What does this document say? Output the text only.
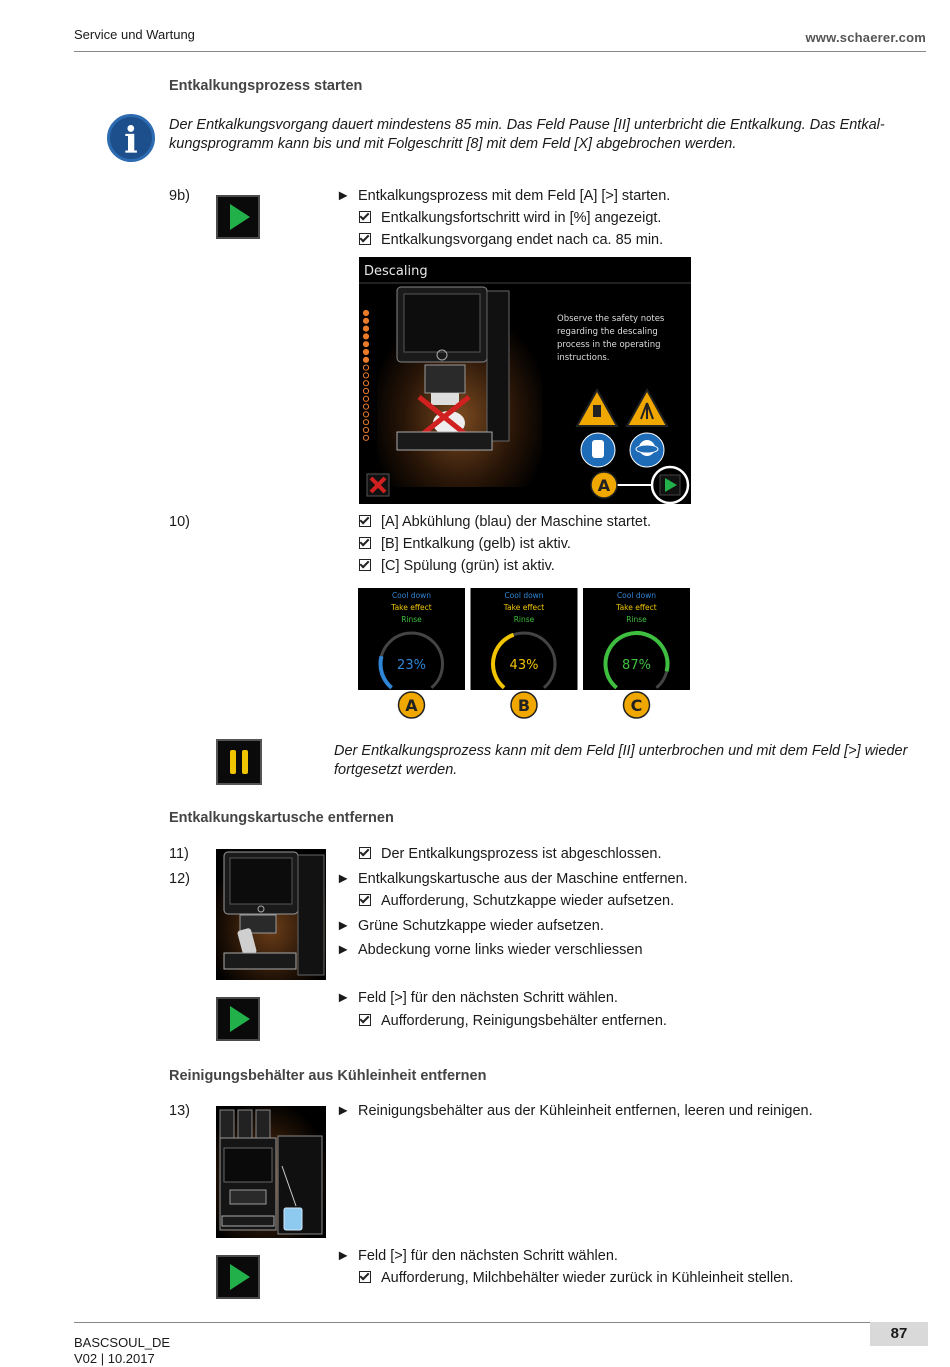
Service und Wartung	www.schaerer.com
Entkalkungsprozess starten
i	Der Entkalkungsvorgang dauert mindestens 85 min. Das Feld Pause [II] unterbricht die Entkalkung. Das Entkal-
kungsprogramm kann bis und mit Folgeschritt [8] mit dem Feld [X] abgebrochen werden.
9b)	► Entkalkungsprozess mit dem Feld [A] [>] starten.
Entkalkungsfortschritt wird in [%] angezeigt.
Entkalkungsvorgang endet nach ca. 85 min.
Descaling
Observe the safety notes
regarding the descaling
process in the operating
instructions.
A
10)	[A] Abkühlung (blau) der Maschine startet.
[B] Entkalkung (gelb) ist aktiv.
[C] Spülung (grün) ist aktiv.
Cool down
Take effect
Rinse
23%
A
Cool down
Take effect
Rinse
43%
B
Cool down
Take effect
Rinse
87%
C
Der Entkalkungsprozess kann mit dem Feld [II] unterbrochen und mit dem Feld [>] wieder
fortgesetzt werden.
Entkalkungskartusche entfernen
11)
12)
Der Entkalkungsprozess ist abgeschlossen.
► Entkalkungskartusche aus der Maschine entfernen.
Aufforderung, Schutzkappe wieder aufsetzen.
► Grüne Schutzkappe wieder aufsetzen.
► Abdeckung vorne links wieder verschliessen
► Feld [>] für den nächsten Schritt wählen.
Aufforderung, Reinigungsbehälter entfernen.
Reinigungsbehälter aus Kühleinheit entfernen
13)	► Reinigungsbehälter aus der Kühleinheit entfernen, leeren und reinigen.
► Feld [>] für den nächsten Schritt wählen.
Aufforderung, Milchbehälter wieder zurück in Kühleinheit stellen.
BASCSOUL_DE
V02 | 10.2017
87
